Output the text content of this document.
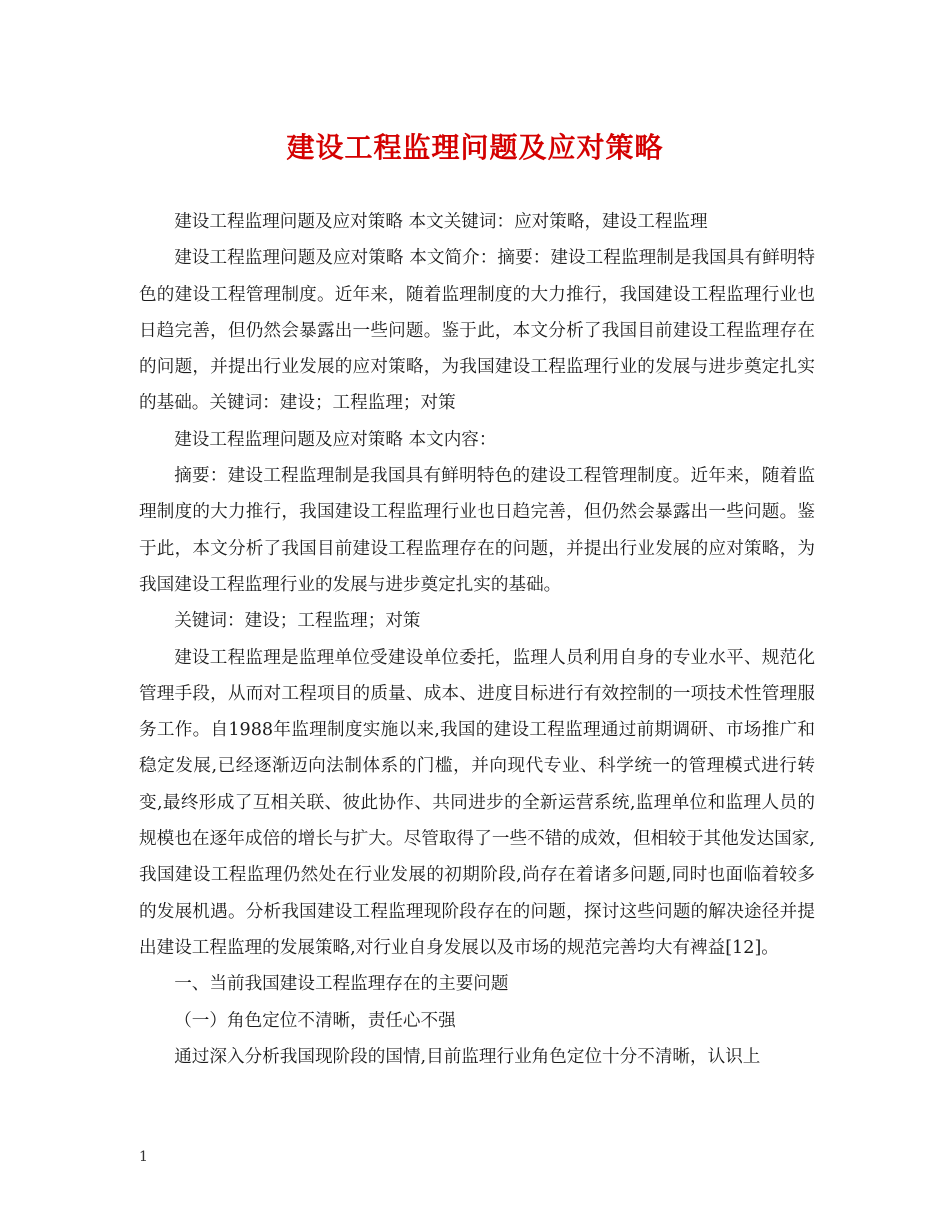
建设工程监理问题及应对策略

建设工程监理问题及应对策略 本文关键词：应对策略，建设工程监理

建设工程监理问题及应对策略 本文简介：摘要：建设工程监理制是我国具有鲜明特色的建设工程管理制度。近年来，随着监理制度的大力推行，我国建设工程监理行业也日趋完善，但仍然会暴露出一些问题。鉴于此，本文分析了我国目前建设工程监理存在的问题，并提出行业发展的应对策略，为我国建设工程监理行业的发展与进步奠定扎实的基础。关键词：建设；工程监理；对策

建设工程监理问题及应对策略 本文内容：

摘要：建设工程监理制是我国具有鲜明特色的建设工程管理制度。近年来，随着监理制度的大力推行，我国建设工程监理行业也日趋完善，但仍然会暴露出一些问题。鉴于此，本文分析了我国目前建设工程监理存在的问题，并提出行业发展的应对策略，为我国建设工程监理行业的发展与进步奠定扎实的基础。

关键词：建设；工程监理；对策

建设工程监理是监理单位受建设单位委托，监理人员利用自身的专业水平、规范化管理手段，从而对工程项目的质量、成本、进度目标进行有效控制的一项技术性管理服务工作。自1988年监理制度实施以来,我国的建设工程监理通过前期调研、市场推广和稳定发展,已经逐渐迈向法制体系的门槛，并向现代专业、科学统一的管理模式进行转变,最终形成了互相关联、彼此协作、共同进步的全新运营系统,监理单位和监理人员的规模也在逐年成倍的增长与扩大。尽管取得了一些不错的成效，但相较于其他发达国家,我国建设工程监理仍然处在行业发展的初期阶段,尚存在着诸多问题,同时也面临着较多的发展机遇。分析我国建设工程监理现阶段存在的问题，探讨这些问题的解决途径并提出建设工程监理的发展策略,对行业自身发展以及市场的规范完善均大有裨益[12]。

一、当前我国建设工程监理存在的主要问题

（一）角色定位不清晰，责任心不强

通过深入分析我国现阶段的国情,目前监理行业角色定位十分不清晰，认识上

1
